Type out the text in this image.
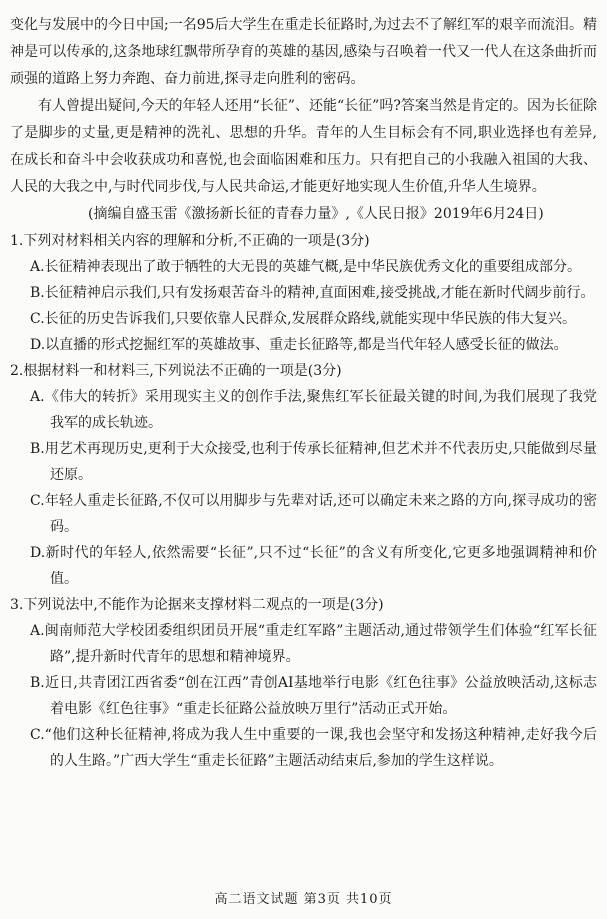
变化与发展中的今日中国;一名95后大学生在重走长征路时,为过去不了解红军的艰辛而流泪。精神是可以传承的,这条地球红飘带所孕育的英雄的基因,感染与召唤着一代又一代人在这条曲折而顽强的道路上努力奔跑、奋力前进,探寻走向胜利的密码。

有人曾提出疑问,今天的年轻人还用“长征”、还能“长征”吗?答案当然是肯定的。因为长征除了是脚步的丈量,更是精神的洗礼、思想的升华。青年的人生目标会有不同,职业选择也有差异,在成长和奋斗中会收获成功和喜悦,也会面临困难和压力。只有把自己的小我融入祖国的大我、人民的大我之中,与时代同步伐,与人民共命运,才能更好地实现人生价值,升华人生境界。

(摘编自盛玉雷《激扬新长征的青春力量》,《人民日报》2019年6月24日)

1.下列对材料相关内容的理解和分析,不正确的一项是(3分)

A.长征精神表现出了敢于牺牲的大无畏的英雄气概,是中华民族优秀文化的重要组成部分。

B.长征精神启示我们,只有发扬艰苦奋斗的精神,直面困难,接受挑战,才能在新时代阔步前行。

C.长征的历史告诉我们,只要依靠人民群众,发展群众路线,就能实现中华民族的伟大复兴。

D.以直播的形式挖掘红军的英雄故事、重走长征路等,都是当代年轻人感受长征的做法。

2.根据材料一和材料三,下列说法不正确的一项是(3分)

A.《伟大的转折》采用现实主义的创作手法,聚焦红军长征最关键的时间,为我们展现了我党我军的成长轨迹。

B.用艺术再现历史,更利于大众接受,也利于传承长征精神,但艺术并不代表历史,只能做到尽量还原。

C.年轻人重走长征路,不仅可以用脚步与先辈对话,还可以确定未来之路的方向,探寻成功的密码。

D.新时代的年轻人,依然需要“长征”,只不过“长征”的含义有所变化,它更多地强调精神和价值。

3.下列说法中,不能作为论据来支撑材料二观点的一项是(3分)

A.闽南师范大学校团委组织团员开展“重走红军路”主题活动,通过带领学生们体验“红军长征路”,提升新时代青年的思想和精神境界。

B.近日,共青团江西省委“创在江西”青创AI基地举行电影《红色往事》公益放映活动,这标志着电影《红色往事》“重走长征路公益放映万里行”活动正式开始。

C.“他们这种长征精神,将成为我人生中重要的一课,我也会坚守和发扬这种精神,走好我今后的人生路。”广西大学生“重走长征路”主题活动结束后,参加的学生这样说。

高二语文试题 第3页 共10页
